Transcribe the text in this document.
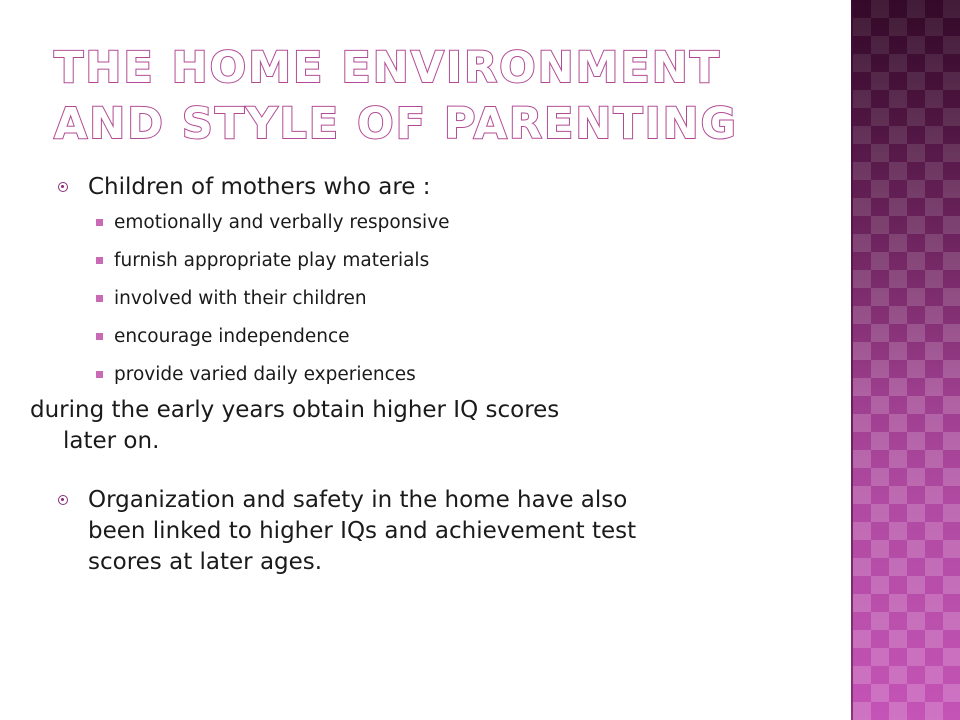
THE HOME ENVIRONMENT AND STYLE OF PARENTING

Children of mothers who are :

emotionally and verbally responsive

furnish appropriate play materials

involved with their children

encourage independence

provide varied daily experiences

during the early years obtain higher IQ scores
later on.

Organization and safety in the home have also
been linked to higher IQs and achievement test
scores at later ages.
